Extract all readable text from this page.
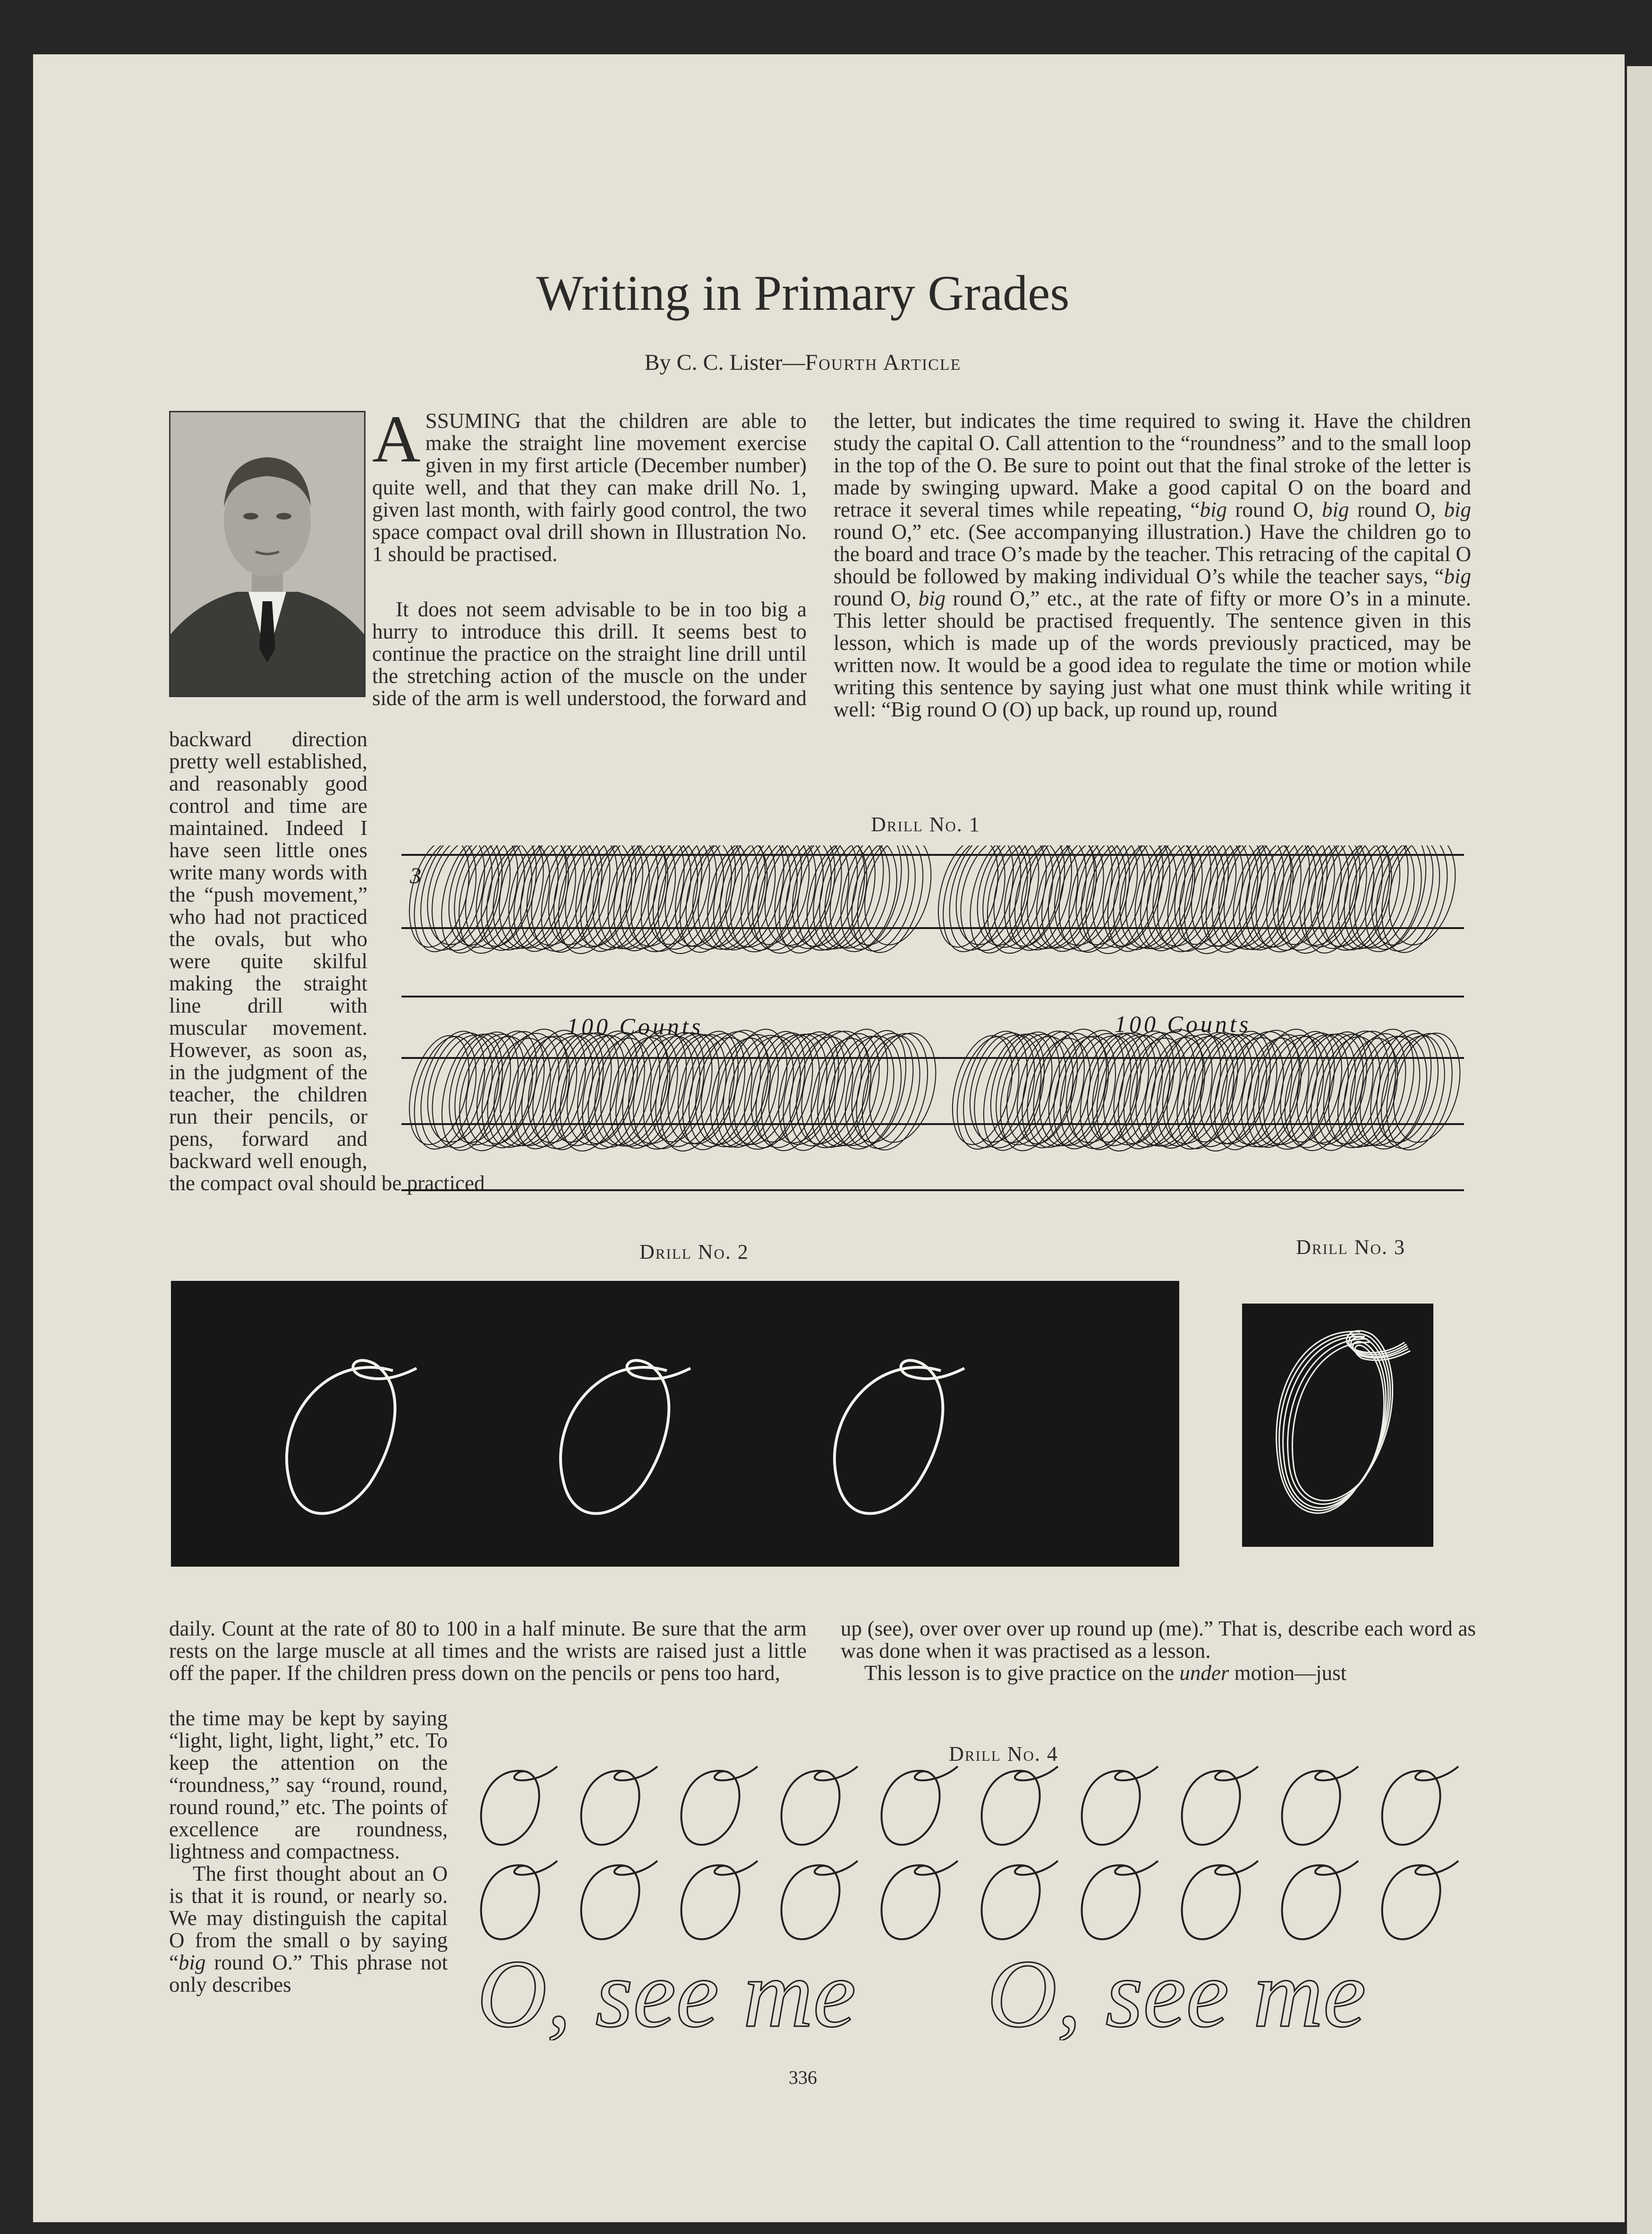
Writing in Primary Grades
By C. C. Lister—Fourth Article
A SSUMING that the children are able to make the straight line movement exercise given in my first article (December number) quite well, and that they can make drill No. 1, given last month, with fairly good control, the two space compact oval drill shown in Illustration No. 1 should be practised.

It does not seem advisable to be in too big a hurry to introduce this drill. It seems best to continue the practice on the straight line drill until the stretching action of the muscle on the under side of the arm is well understood, the forward and backward direction pretty well established, and reasonably good control and time are maintained. Indeed I have seen little ones write many words with the “push movement,” who had not practiced the ovals, but who were quite skilful making the straight line drill with muscular movement. However, as soon as, in the judgment of the teacher, the children run their pencils, or pens, forward and backward well enough, the compact oval should be practiced

the letter, but indicates the time required to swing it. Have the children study the capital O. Call attention to the “roundness” and to the small loop in the top of the O. Be sure to point out that the final stroke of the letter is made by swinging upward. Make a good capital O on the board and retrace it several times while repeating, “big round O, big round O, big round O,” etc. (See accompanying illustration.) Have the children go to the board and trace O’s made by the teacher. This retracing of the capital O should be followed by making individual O’s while the teacher says, “big round O, big round O,” etc., at the rate of fifty or more O’s in a minute. This letter should be practised frequently. The sentence given in this lesson, which is made up of the words previously practiced, may be written now. It would be a good idea to regulate the time or motion while writing this sentence by saying just what one must think while writing it well: “Big round O (O) up back, up round up, round

Drill No. 1
3
100 Counts	100 Counts
Drill No. 2	Drill No. 3

daily. Count at the rate of 80 to 100 in a half minute. Be sure that the arm rests on the large muscle at all times and the wrists are raised just a little off the paper. If the children press down on the pencils or pens too hard,

the time may be kept by saying “light, light, light, light,” etc. To keep the attention on the “roundness,” say “round, round, round round,” etc. The points of excellence are roundness, lightness and compactness.

The first thought about an O is that it is round, or nearly so. We may distinguish the capital O from the small o by saying “big round O.” This phrase not only describes

up (see), over over over up round up (me).” That is, describe each word as was done when it was practised as a lesson.

This lesson is to give practice on the under motion—just

Drill No. 4
O, see me O, see me
336
